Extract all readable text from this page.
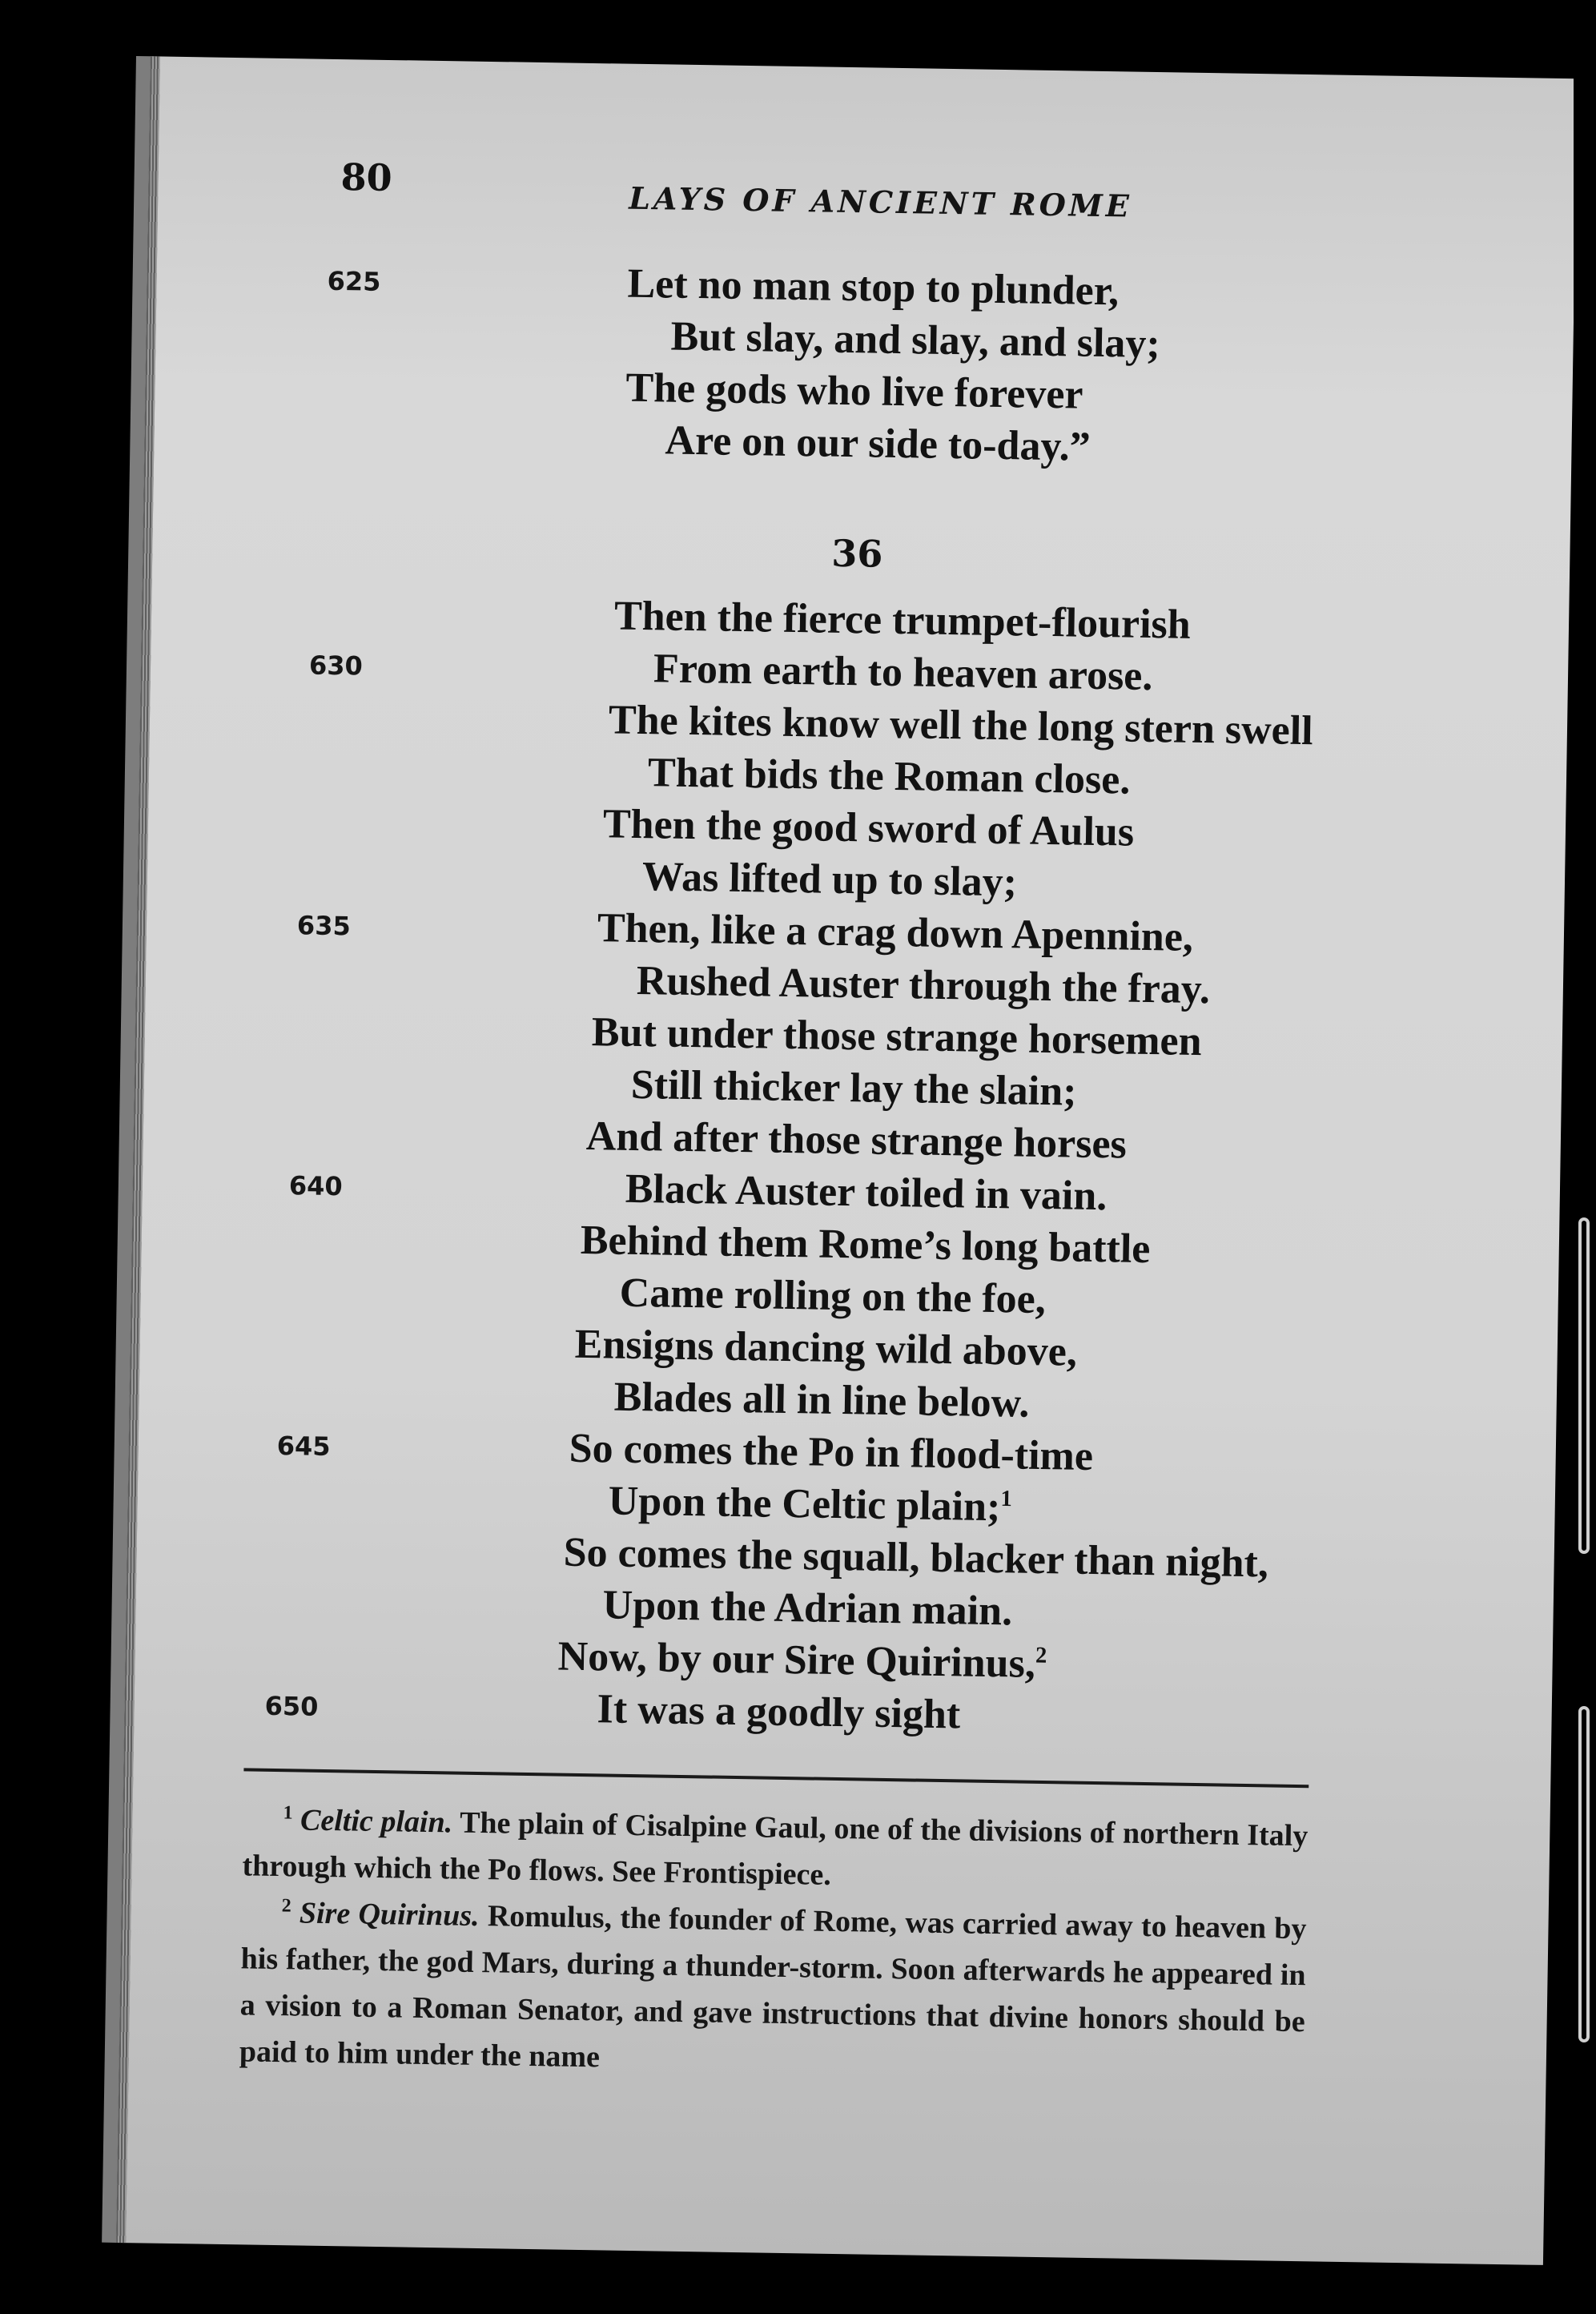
80
LAYS OF ANCIENT ROME
Let no man stop to plunder,
625
But slay, and slay, and slay;
The gods who live forever
Are on our side to-day.”
36
Then the fierce trumpet-flourish
From earth to heaven arose.
630
The kites know well the long stern swell
That bids the Roman close.
Then the good sword of Aulus
Was lifted up to slay;
Then, like a crag down Apennine,
635
Rushed Auster through the fray.
But under those strange horsemen
Still thicker lay the slain;
And after those strange horses
Black Auster toiled in vain.
640
Behind them Rome’s long battle
Came rolling on the foe,
Ensigns dancing wild above,
Blades all in line below.
So comes the Po in flood-time
645
Upon the Celtic plain;$^1$
So comes the squall, blacker than night,
Upon the Adrian main.
Now, by our Sire Quirinus,$^2$
It was a goodly sight
650

$^1$ Celtic plain. The plain of Cisalpine Gaul, one of the divisions of northern Italy through which the Po flows. See Frontispiece.

$^2$ Sire Quirinus. Romulus, the founder of Rome, was carried away to heaven by his father, the god Mars, during a thunder-storm. Soon afterwards he appeared in a vision to a Roman Senator, and gave instructions that divine honors should be paid to him under the name
